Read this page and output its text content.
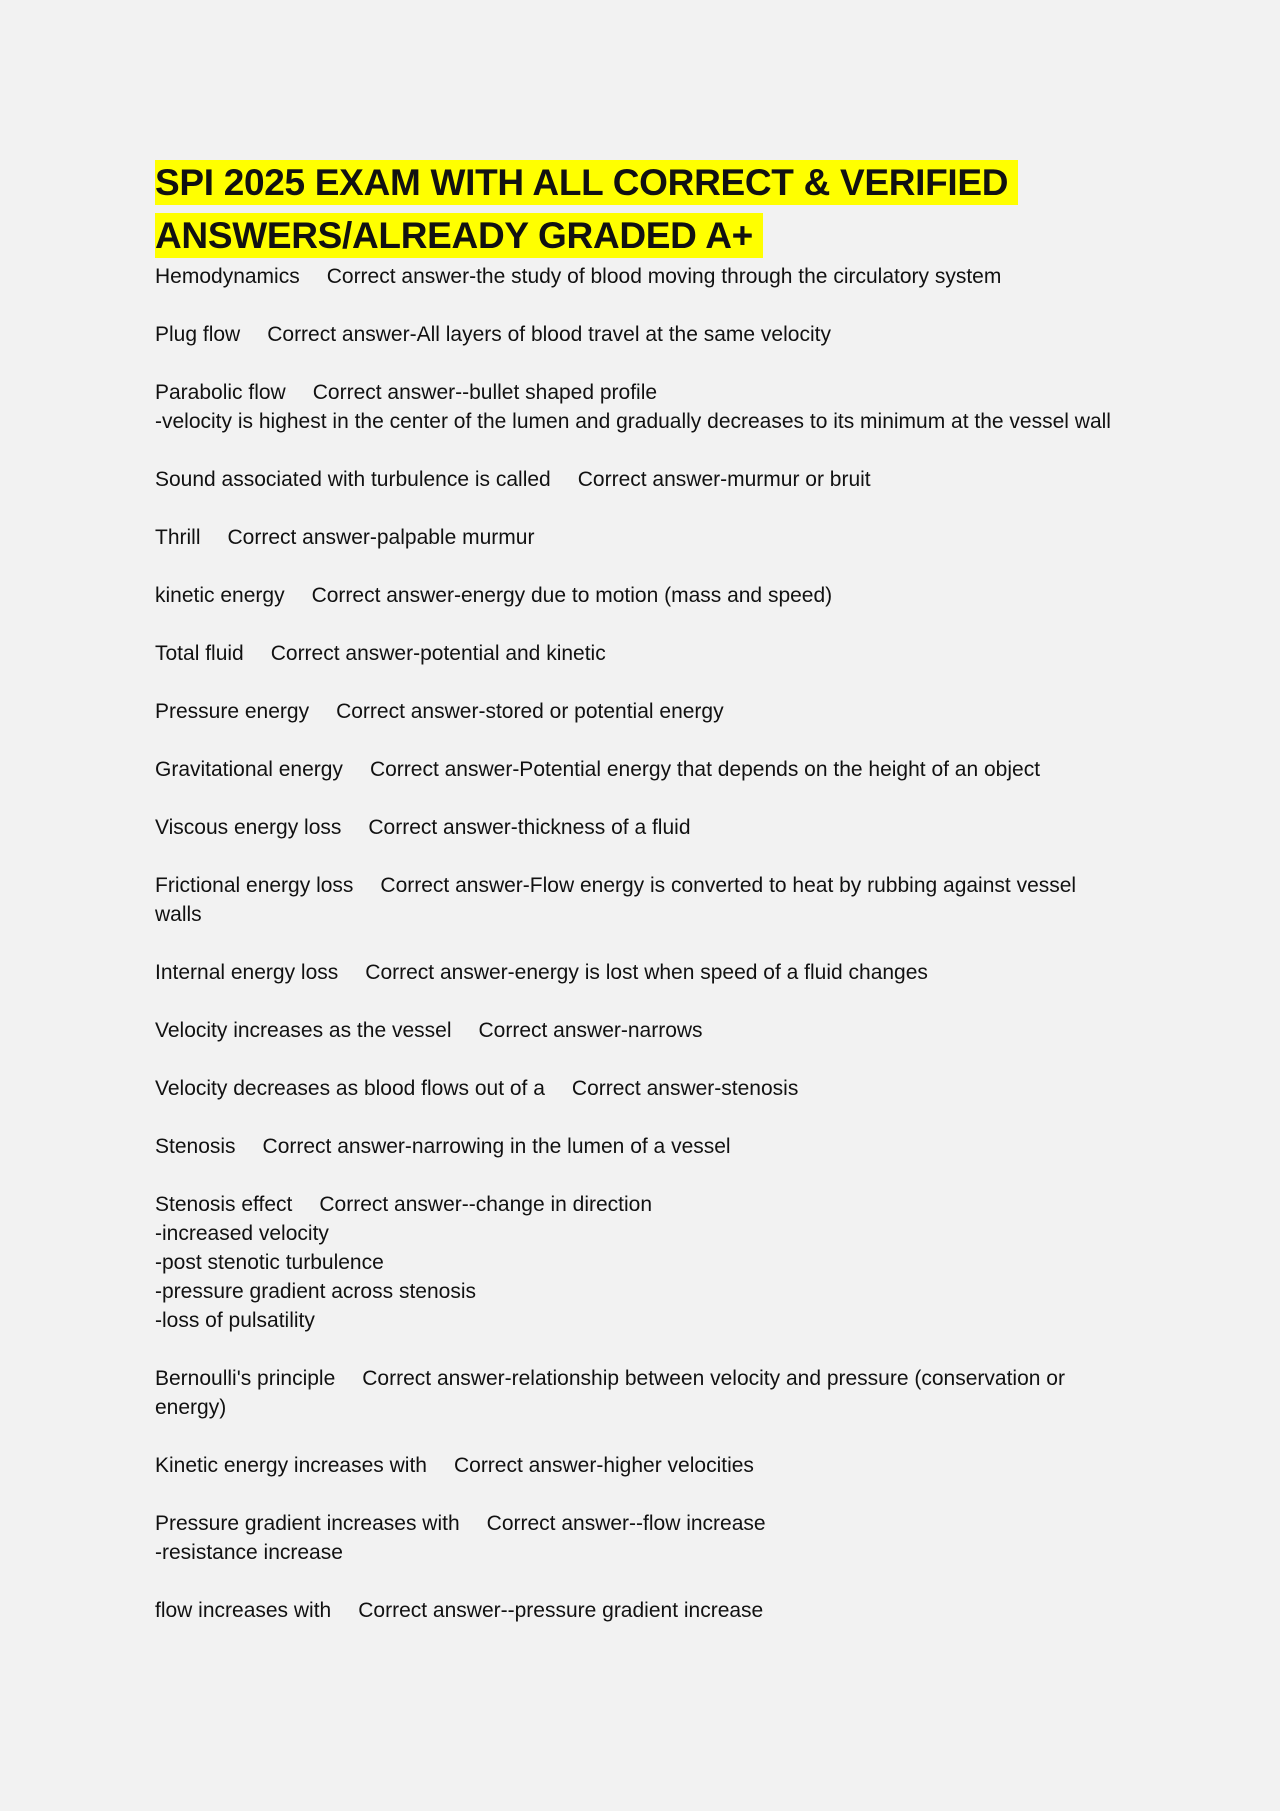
SPI 2025 EXAM WITH ALL CORRECT & VERIFIED
ANSWERS/ALREADY GRADED A+

Hemodynamics Correct answer-the study of blood moving through the circulatory system

Plug flow Correct answer-All layers of blood travel at the same velocity

Parabolic flow Correct answer--bullet shaped profile
-velocity is highest in the center of the lumen and gradually decreases to its minimum at the vessel wall

Sound associated with turbulence is called Correct answer-murmur or bruit

Thrill Correct answer-palpable murmur

kinetic energy Correct answer-energy due to motion (mass and speed)

Total fluid Correct answer-potential and kinetic

Pressure energy Correct answer-stored or potential energy

Gravitational energy Correct answer-Potential energy that depends on the height of an object

Viscous energy loss Correct answer-thickness of a fluid

Frictional energy loss Correct answer-Flow energy is converted to heat by rubbing against vessel walls

Internal energy loss Correct answer-energy is lost when speed of a fluid changes

Velocity increases as the vessel Correct answer-narrows

Velocity decreases as blood flows out of a Correct answer-stenosis

Stenosis Correct answer-narrowing in the lumen of a vessel

Stenosis effect Correct answer--change in direction
-increased velocity
-post stenotic turbulence
-pressure gradient across stenosis
-loss of pulsatility

Bernoulli's principle Correct answer-relationship between velocity and pressure (conservation or energy)

Kinetic energy increases with Correct answer-higher velocities

Pressure gradient increases with Correct answer--flow increase
-resistance increase

flow increases with Correct answer--pressure gradient increase
